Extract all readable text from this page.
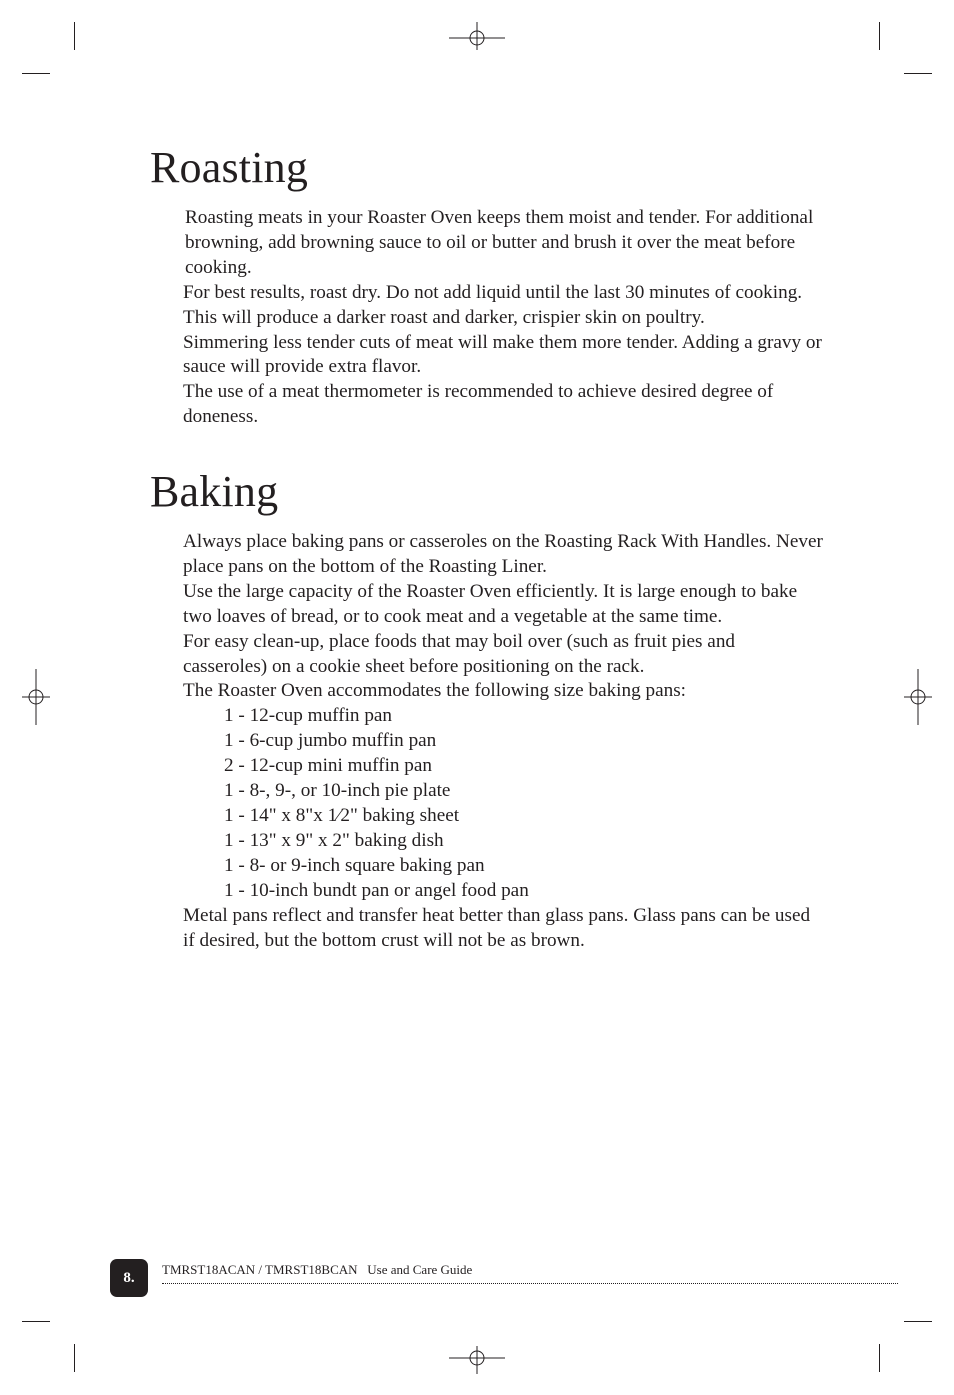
Roasting

Roasting meats in your Roaster Oven keeps them moist and tender. For additional browning, add browning sauce to oil or butter and brush it over the meat before cooking.

For best results, roast dry. Do not add liquid until the last 30 minutes of cooking. This will produce a darker roast and darker, crispier skin on poultry.

Simmering less tender cuts of meat will make them more tender. Adding a gravy or sauce will provide extra flavor.

The use of a meat thermometer is recommended to achieve desired degree of doneness.

Baking

Always place baking pans or casseroles on the Roasting Rack With Handles. Never place pans on the bottom of the Roasting Liner.

Use the large capacity of the Roaster Oven efficiently. It is large enough to bake two loaves of bread, or to cook meat and a vegetable at the same time.

For easy clean-up, place foods that may boil over (such as fruit pies and casseroles) on a cookie sheet before positioning on the rack.

The Roaster Oven accommodates the following size baking pans:

1 - 12-cup muffin pan
1 - 6-cup jumbo muffin pan
2 - 12-cup mini muffin pan
1 - 8-, 9-, or 10-inch pie plate
1 - 14" x 8"x 1⁄2" baking sheet
1 - 13" x 9" x 2" baking dish
1 - 8- or 9-inch square baking pan
1 - 10-inch bundt pan or angel food pan

Metal pans reflect and transfer heat better than glass pans. Glass pans can be used if desired, but the bottom crust will not be as brown.

8. TMRST18ACAN / TMRST18BCAN Use and Care Guide
